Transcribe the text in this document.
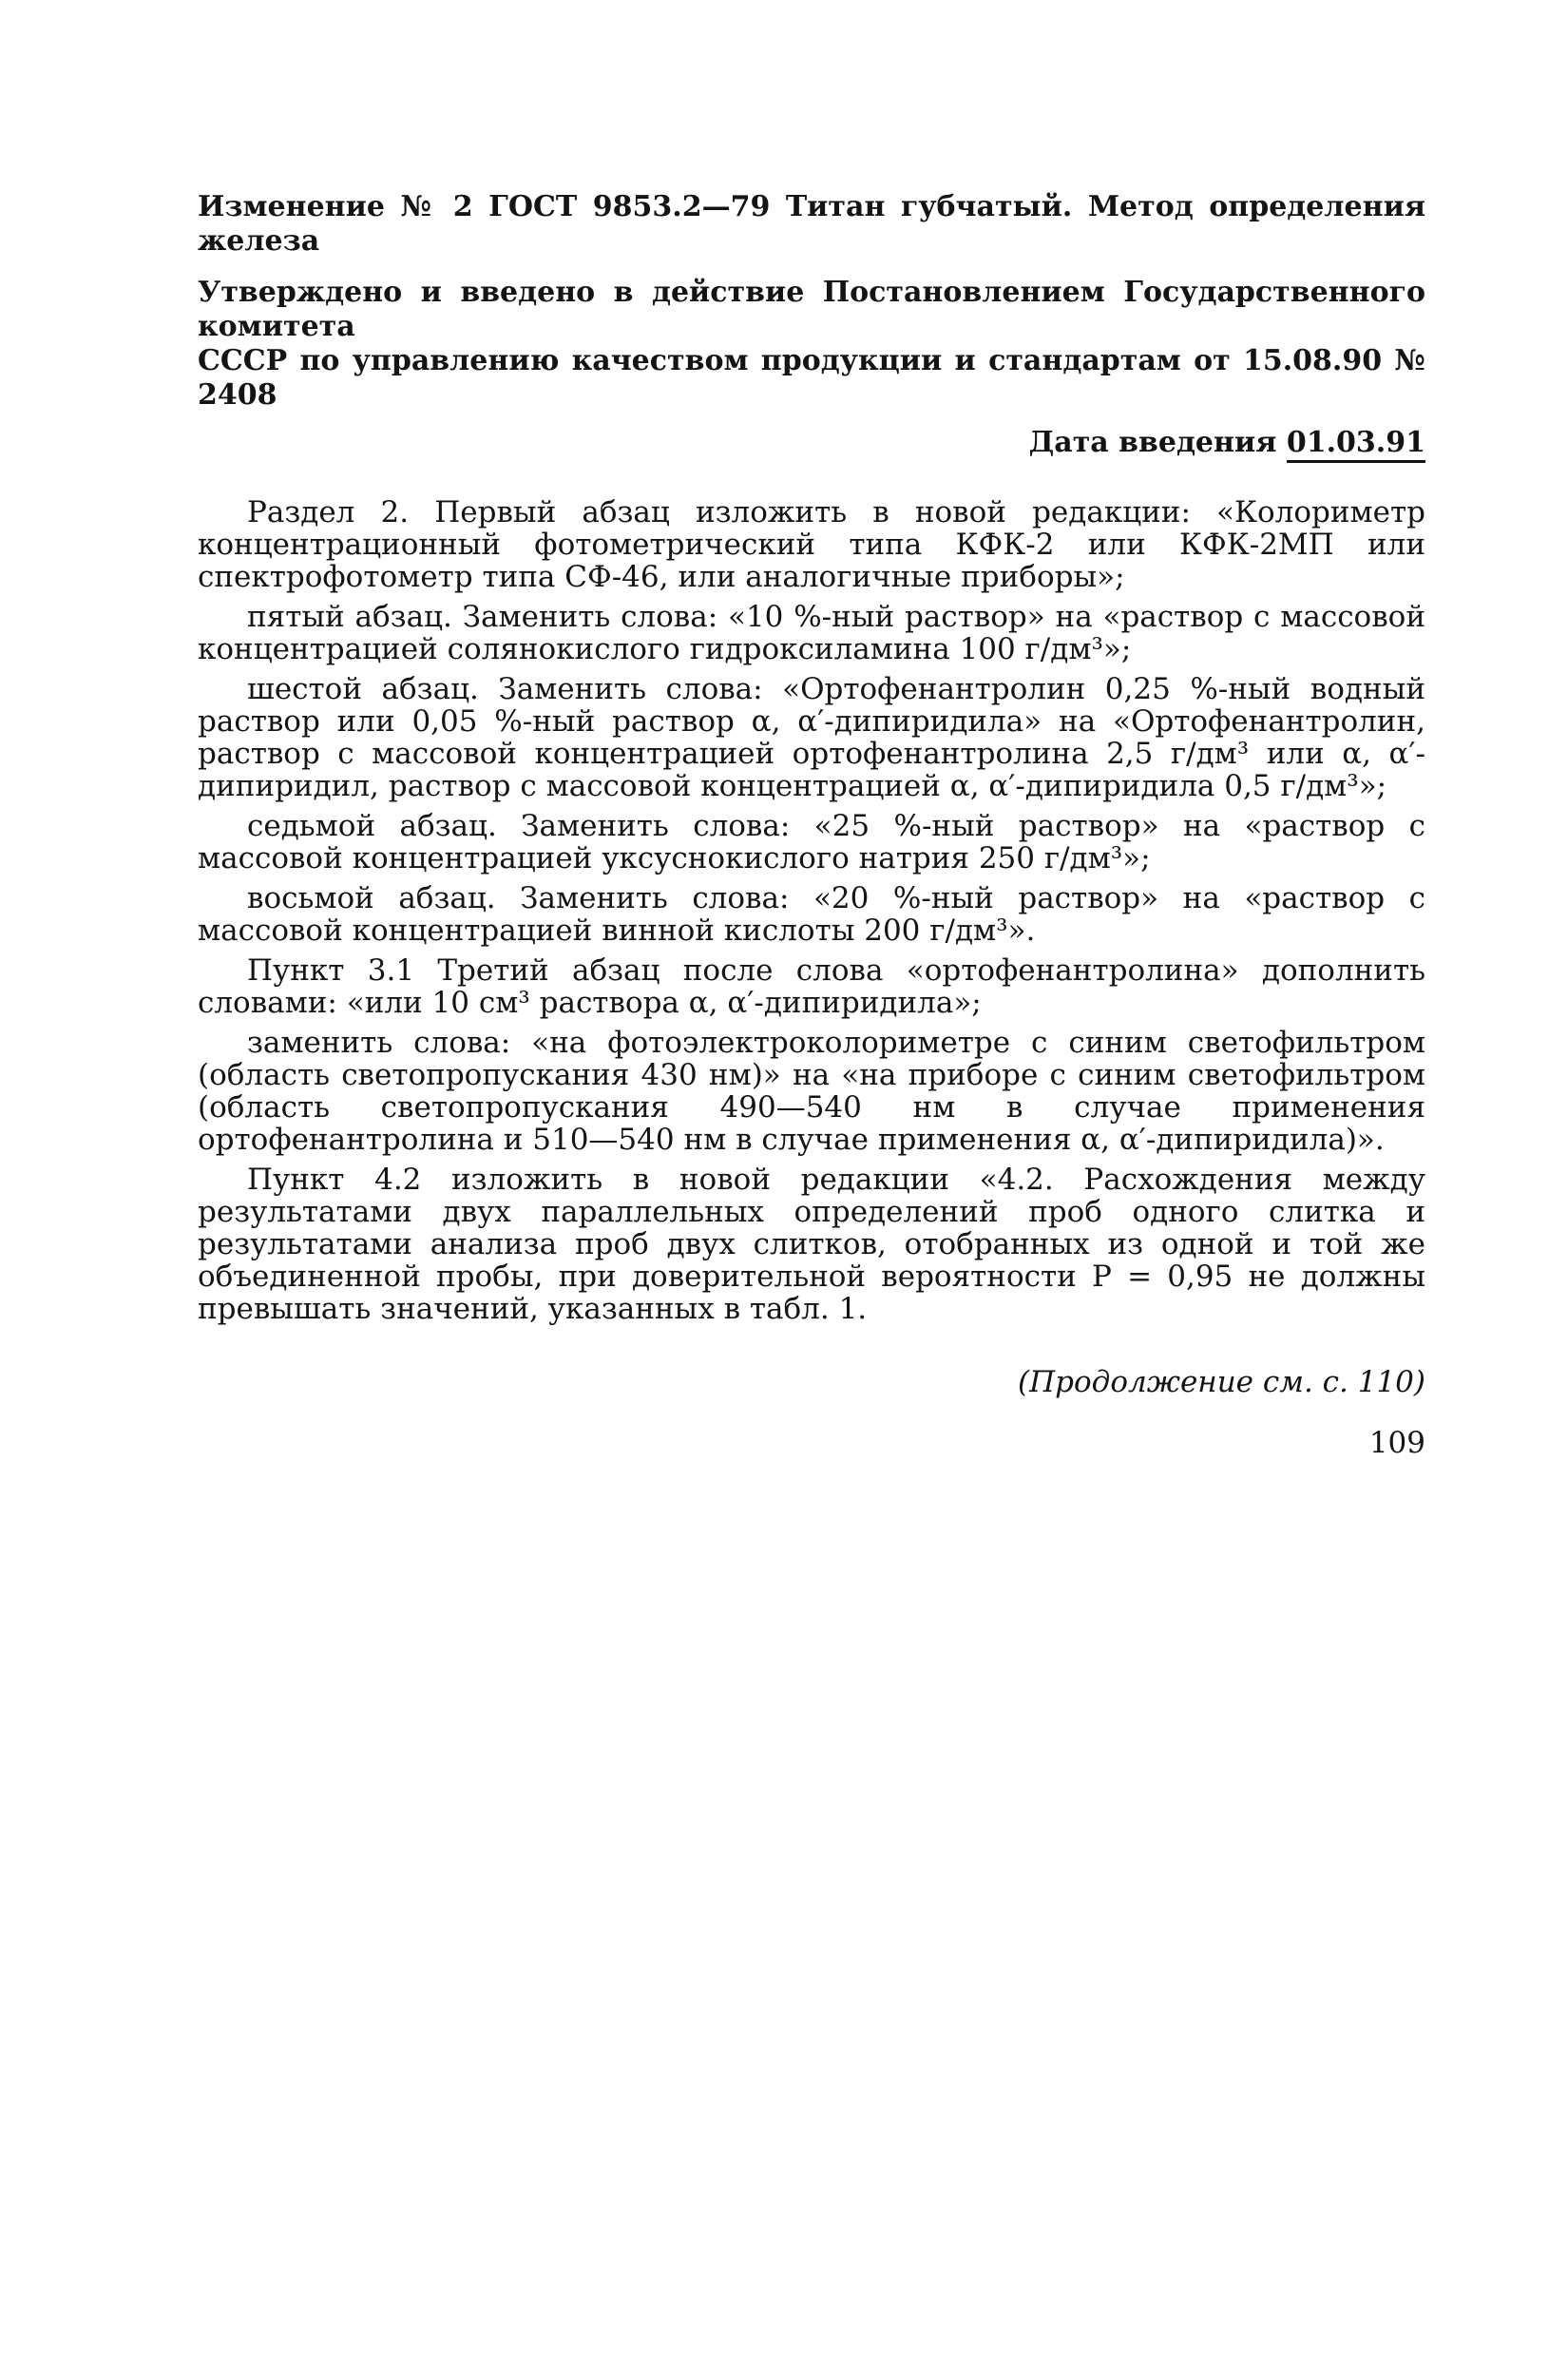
Изменение № 2 ГОСТ 9853.2—79 Титан губчатый. Метод определения железа

Утверждено и введено в действие Постановлением Государственного комитета

СССР по управлению качеством продукции и стандартам от 15.08.90 № 2408

Дата введения 01.03.91

Раздел 2. Первый абзац изложить в новой редакции: «Колориметр концентрационный фотометрический типа КФК-2 или КФК-2МП или спектрофотометр типа СФ-46, или аналогичные приборы»;

пятый абзац. Заменить слова: «10 %-ный раствор» на «раствор с массовой концентрацией солянокислого гидроксиламина 100 г/дм³»;

шестой абзац. Заменить слова: «Ортофенантролин 0,25 %-ный водный раствор или 0,05 %-ный раствор α, α′-дипиридила» на «Ортофенантролин, раствор с массовой концентрацией ортофенантролина 2,5 г/дм³ или α, α′-дипиридил, раствор с массовой концентрацией α, α′-дипиридила 0,5 г/дм³»;

седьмой абзац. Заменить слова: «25 %-ный раствор» на «раствор с массовой концентрацией уксуснокислого натрия 250 г/дм³»;

восьмой абзац. Заменить слова: «20 %-ный раствор» на «раствор с массовой концентрацией винной кислоты 200 г/дм³».

Пункт 3.1 Третий абзац после слова «ортофенантролина» дополнить словами: «или 10 см³ раствора α, α′-дипиридила»;

заменить слова: «на фотоэлектроколориметре с синим светофильтром (область светопропускания 430 нм)» на «на приборе с синим светофильтром (область светопропускания 490—540 нм в случае применения ортофенантролина и 510—540 нм в случае применения α, α′-дипиридила)».

Пункт 4.2 изложить в новой редакции «4.2. Расхождения между результатами двух параллельных определений проб одного слитка и результатами анализа проб двух слитков, отобранных из одной и той же объединенной пробы, при доверительной вероятности P = 0,95 не должны превышать значений, указанных в табл. 1.

(Продолжение см. с. 110)
109
